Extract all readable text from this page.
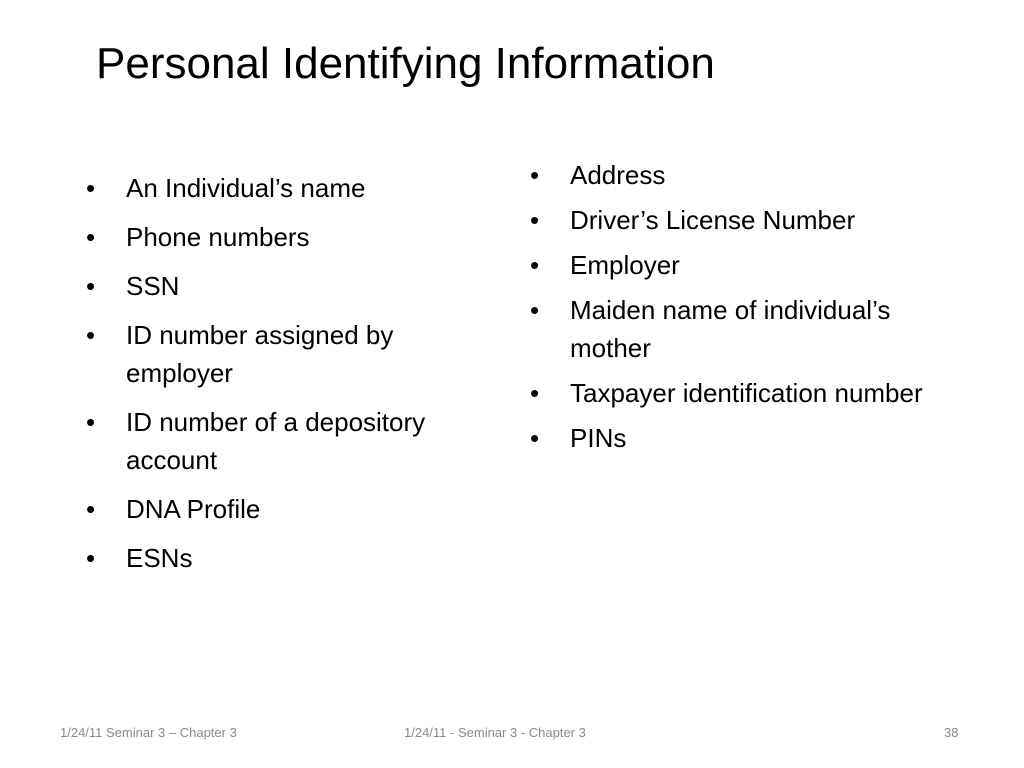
Personal Identifying Information
•	An Individual’s name
•	Phone numbers
•	SSN
•	ID number assigned by employer
•	ID number of a depository account
•	DNA Profile
•	ESNs
•	Address
•	Driver’s License Number
•	Employer
•	Maiden name of individual’s mother
•	Taxpayer identification number
•	PINs
1/24/11 Seminar 3 – Chapter 3	1/24/11 - Seminar 3 - Chapter 3	38
